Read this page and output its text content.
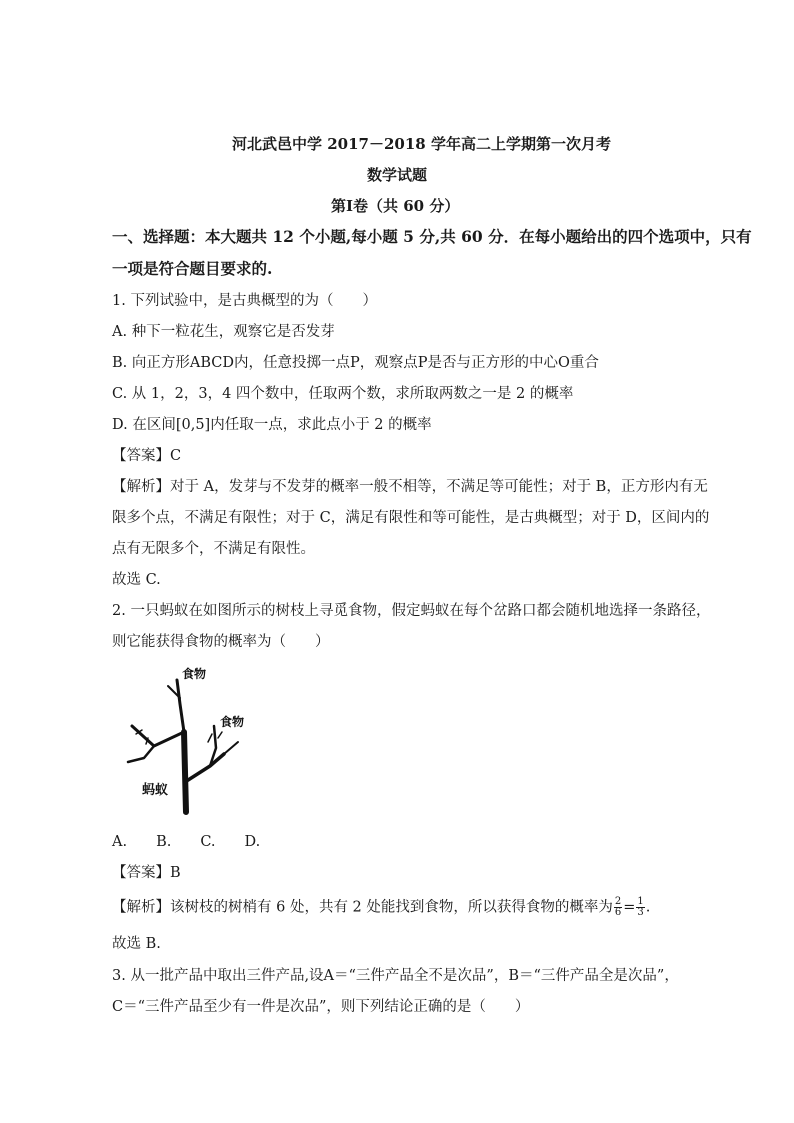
河北武邑中学 2017－2018 学年高二上学期第一次月考
数学试题
第Ⅰ卷（共 60 分）
一、选择题：本大题共 12 个小题,每小题 5 分,共 60 分．在每小题给出的四个选项中，只有
一项是符合题目要求的.
1. 下列试验中，是古典概型的为（　　）
A. 种下一粒花生，观察它是否发芽
B. 向正方形ABCD内，任意投掷一点P，观察点P是否与正方形的中心O重合
C. 从 1，2，3，4 四个数中，任取两个数，求所取两数之一是 2 的概率
D. 在区间[0,5]内任取一点，求此点小于 2 的概率
【答案】C
【解析】对于 A，发芽与不发芽的概率一般不相等，不满足等可能性；对于 B，正方形内有无
限多个点，不满足有限性；对于 C，满足有限性和等可能性，是古典概型；对于 D，区间内的
点有无限多个，不满足有限性。
故选 C.
2. 一只蚂蚁在如图所示的树枝上寻觅食物，假定蚂蚁在每个岔路口都会随机地选择一条路径，
则它能获得食物的概率为（　　）
食物
食物
蚂蚁
A.　　B.　　C.　　D.
【答案】B
【解析】该树枝的树梢有 6 处，共有 2 处能找到食物，所以获得食物的概率为 $\frac{2}{6} = \frac{1}{3}$ .
故选 B.
3. 从一批产品中取出三件产品,设A＝“三件产品全不是次品”，B＝“三件产品全是次品”，
C＝“三件产品至少有一件是次品”，则下列结论正确的是（　　）
